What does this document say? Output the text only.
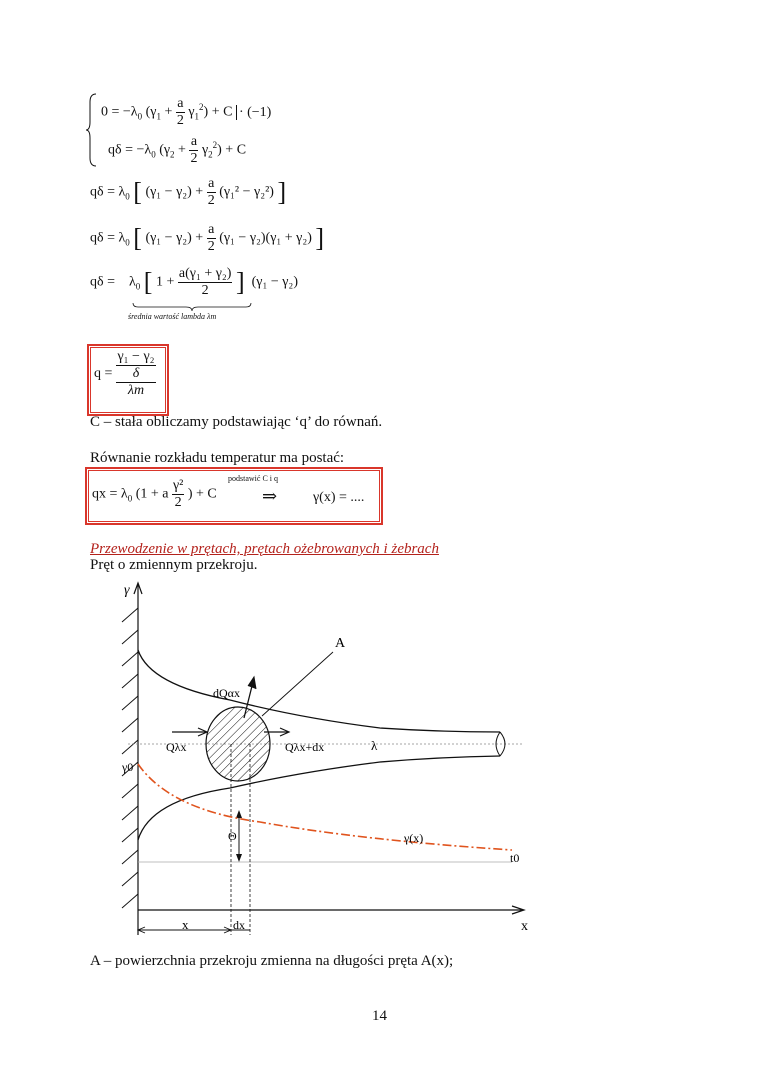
$0 = -\lambda_0$ $(\gamma_1 + \frac{a}{2} \gamma_1^2) + C \cdot (-1)$
$q\delta = -\lambda_0$ $(\gamma_2 + \frac{a}{2} \gamma_2^2) + C$
$q\delta = \lambda_0$ [ $(\gamma_1 - \gamma_2) + \frac{a}{2} (\gamma_1^2 - \gamma_2^2)$ ]
$q\delta = \lambda_0$ [ $(\gamma_1 - \gamma_2) + \frac{a}{2} (\gamma_1 - \gamma_2)(\gamma_1 + \gamma_2)$ ]
$q\delta = \lambda_0$ [ $1 + \frac{\text{a(γ₁ + γ₂)}}{2}$ ] (γ₁ − γ₂)
średnia wartość lambda λm
q =
γ₁ − γ₂
δ
λm
C – stała obliczamy podstawiając ‘q’ do równań.
Równanie rozkładu temperatur ma postać:
qx = $\lambda_0$ (1 + a $\frac{\text{γ²}}{2}$ ) + C
podstawić C i q
⇒	γ(x) = ....
Przewodzenie w prętach, prętach ożebrowanych i żebrach
Pręt o zmiennym przekroju.
γ
x
A
dQαx
Qλx	Qλx+dx	λ
γ0
Θ	γ(x)
t0
x	dx
A – powierzchnia przekroju zmienna na długości pręta A(x);
14
